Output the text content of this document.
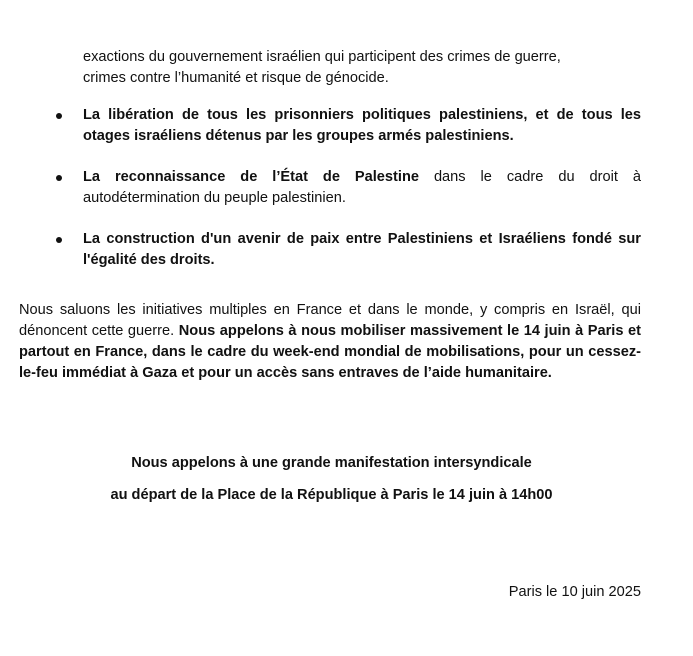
exactions du gouvernement israélien qui participent des crimes de guerre,
crimes contre l’humanité et risque de génocide.
La libération de tous les prisonniers politiques palestiniens, et de tous les otages israéliens détenus par les groupes armés palestiniens.
La reconnaissance de l’État de Palestine dans le cadre du droit à autodétermination du peuple palestinien.
La construction d'un avenir de paix entre Palestiniens et Israéliens fondé sur l'égalité des droits.
Nous saluons les initiatives multiples en France et dans le monde, y compris en Israël, qui dénoncent cette guerre. Nous appelons à nous mobiliser massivement le 14 juin à Paris et partout en France, dans le cadre du week-end mondial de mobilisations, pour un cessez-le-feu immédiat à Gaza et pour un accès sans entraves de l’aide humanitaire.
Nous appelons à une grande manifestation intersyndicale
au départ de la Place de la République à Paris le 14 juin à 14h00
Paris le 10 juin 2025
